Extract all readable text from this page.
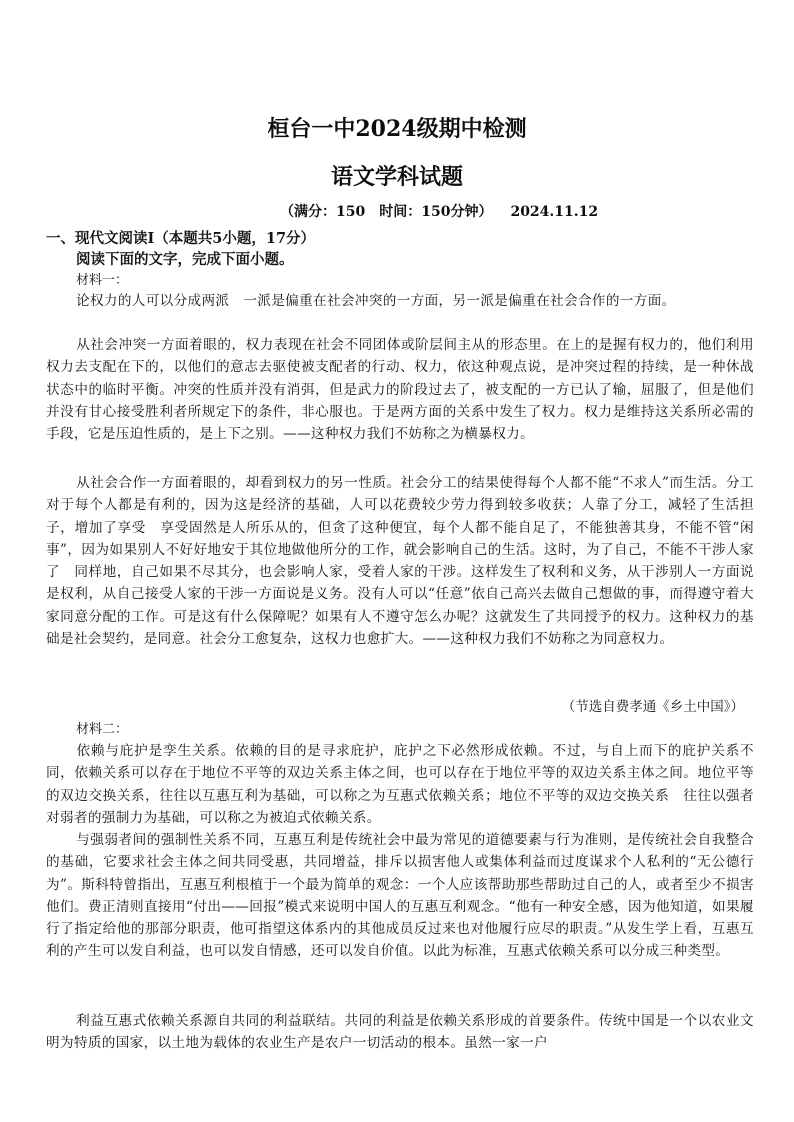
桓台一中2024级期中检测
语文学科试题
（满分：150　时间：150分钟） 2024.11.12
一、现代文阅读Ⅰ（本题共5小题，17分）
阅读下面的文字，完成下面小题。
材料一：
论权力的人可以分成两派　一派是偏重在社会冲突的一方面，另一派是偏重在社会合作的一方面。
从社会冲突一方面着眼的，权力表现在社会不同团体或阶层间主从的形态里。在上的是握有权力的，他们利用权力去支配在下的，以他们的意志去驱使被支配者的行动、权力，依这种观点说，是冲突过程的持续，是一种休战状态中的临时平衡。冲突的性质并没有消弭，但是武力的阶段过去了，被支配的一方已认了输，屈服了，但是他们并没有甘心接受胜利者所规定下的条件，非心服也。于是两方面的关系中发生了权力。权力是维持这关系所必需的手段，它是压迫性质的，是上下之别。——这种权力我们不妨称之为横暴权力。
从社会合作一方面着眼的，却看到权力的另一性质。社会分工的结果使得每个人都不能“不求人”而生活。分工对于每个人都是有利的，因为这是经济的基础，人可以花费较少劳力得到较多收获；人靠了分工，减轻了生活担子，增加了享受　享受固然是人所乐从的，但贪了这种便宜，每个人都不能自足了，不能独善其身，不能不管“闲事”，因为如果别人不好好地安于其位地做他所分的工作，就会影响自己的生活。这时，为了自己，不能不干涉人家了　同样地，自己如果不尽其分，也会影响人家，受着人家的干涉。这样发生了权利和义务，从干涉别人一方面说是权利，从自己接受人家的干涉一方面说是义务。没有人可以“任意”依自己高兴去做自己想做的事，而得遵守着大家同意分配的工作。可是这有什么保障呢？如果有人不遵守怎么办呢？这就发生了共同授予的权力。这种权力的基础是社会契约，是同意。社会分工愈复杂，这权力也愈扩大。——这种权力我们不妨称之为同意权力。
（节选自费孝通《乡土中国》）
材料二：
依赖与庇护是孪生关系。依赖的目的是寻求庇护，庇护之下必然形成依赖。不过，与自上而下的庇护关系不同，依赖关系可以存在于地位不平等的双边关系主体之间，也可以存在于地位平等的双边关系主体之间。地位平等的双边交换关系，往往以互惠互利为基础，可以称之为互惠式依赖关系；地位不平等的双边交换关系　往往以强者对弱者的强制力为基础，可以称之为被迫式依赖关系。
与强弱者间的强制性关系不同，互惠互利是传统社会中最为常见的道德要素与行为准则，是传统社会自我整合的基础，它要求社会主体之间共同受惠，共同增益，排斥以损害他人或集体利益而过度谋求个人私利的“无公德行为”。斯科特曾指出，互惠互利根植于一个最为简单的观念：一个人应该帮助那些帮助过自己的人，或者至少不损害他们。费正清则直接用“付出——回报”模式来说明中国人的互惠互利观念。“他有一种安全感，因为他知道，如果履行了指定给他的那部分职责，他可指望这体系内的其他成员反过来也对他履行应尽的职责。”从发生学上看，互惠互利的产生可以发自利益，也可以发自情感，还可以发自价值。以此为标准，互惠式依赖关系可以分成三种类型。
利益互惠式依赖关系源自共同的利益联结。共同的利益是依赖关系形成的首要条件。传统中国是一个以农业文明为特质的国家，以土地为载体的农业生产是农户一切活动的根本。虽然一家一户
